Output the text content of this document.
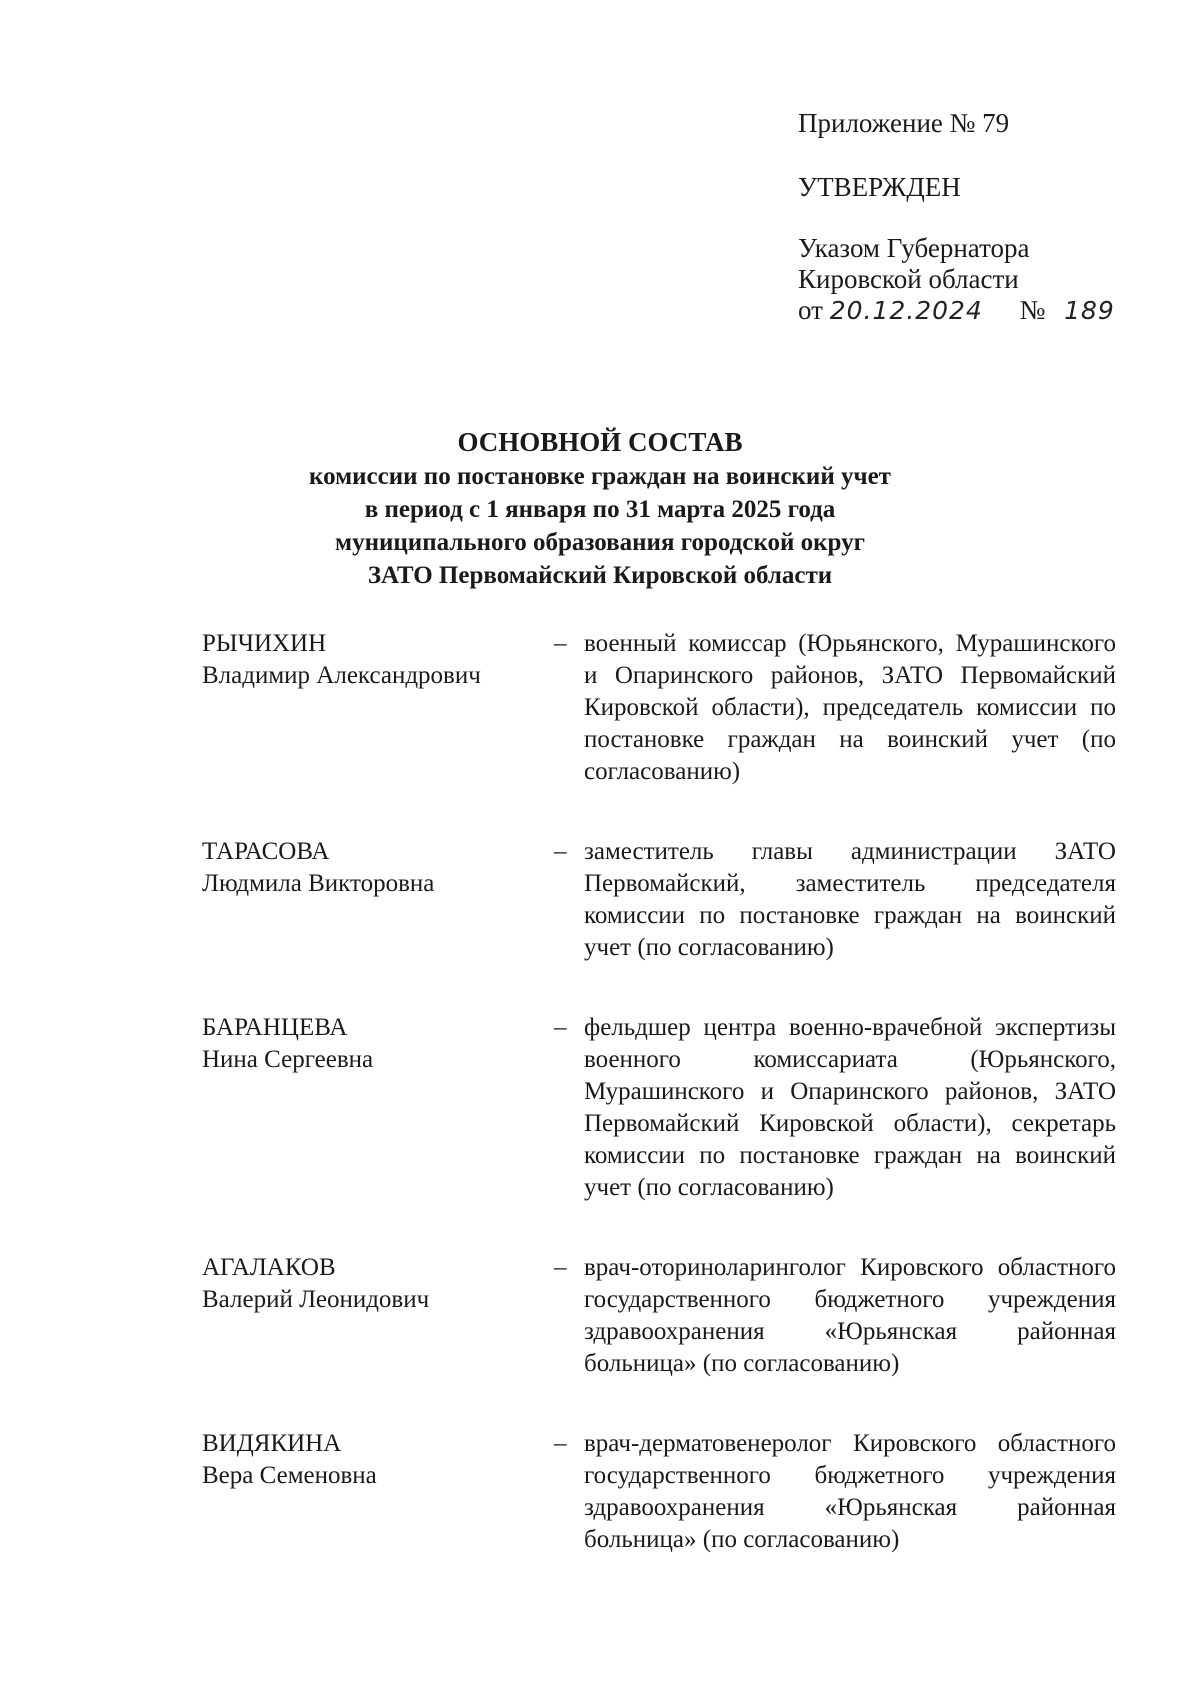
Приложение № 79
УТВЕРЖДЕН
Указом Губернатора
Кировской области
от 20.12.2024 № 189
ОСНОВНОЙ СОСТАВ
комиссии по постановке граждан на воинский учет
в период с 1 января по 31 марта 2025 года
муниципального образования городской округ
ЗАТО Первомайский Кировской области
РЫЧИХИН
Владимир Александрович
– военный комиссар (Юрьянского, Мурашинского и Опаринского районов, ЗАТО Первомайский Кировской области), председатель комиссии по постановке граждан на воинский учет (по согласованию)
ТАРАСОВА
Людмила Викторовна
– заместитель главы администрации ЗАТО Первомайский, заместитель председателя комиссии по постановке граждан на воинский учет (по согласованию)
БАРАНЦЕВА
Нина Сергеевна
– фельдшер центра военно-врачебной экспертизы военного комиссариата (Юрьянского, Мурашинского и Опаринского районов, ЗАТО Первомайский Кировской области), секретарь комиссии по постановке граждан на воинский учет (по согласованию)
АГАЛАКОВ
Валерий Леонидович
– врач-оториноларинголог Кировского областного государственного бюджетного учреждения здравоохранения «Юрьянская районная больница» (по согласованию)
ВИДЯКИНА
Вера Семеновна
– врач-дерматовенеролог Кировского областного государственного бюджетного учреждения здравоохранения «Юрьянская районная больница» (по согласованию)
